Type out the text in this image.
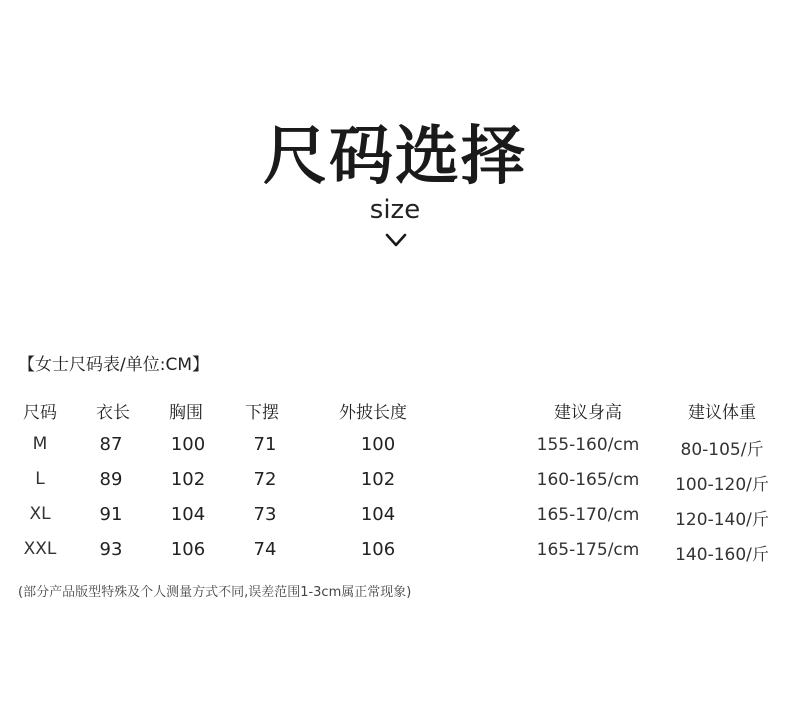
尺码选择
size
【女士尺码表/单位:CM】
尺码 衣长 胸围 下摆	外披长度	建议身高	建议体重
M	87	100	71	100	155-160/cm 80-105/斤
L	89	102	72	102	160-165/cm 100-120/斤
XL	91	104	73	104	165-170/cm 120-140/斤
XXL 93	106	74	106	165-175/cm 140-160/斤
(部分产品版型特殊及个人测量方式不同,误差范围1-3cm属正常现象)
